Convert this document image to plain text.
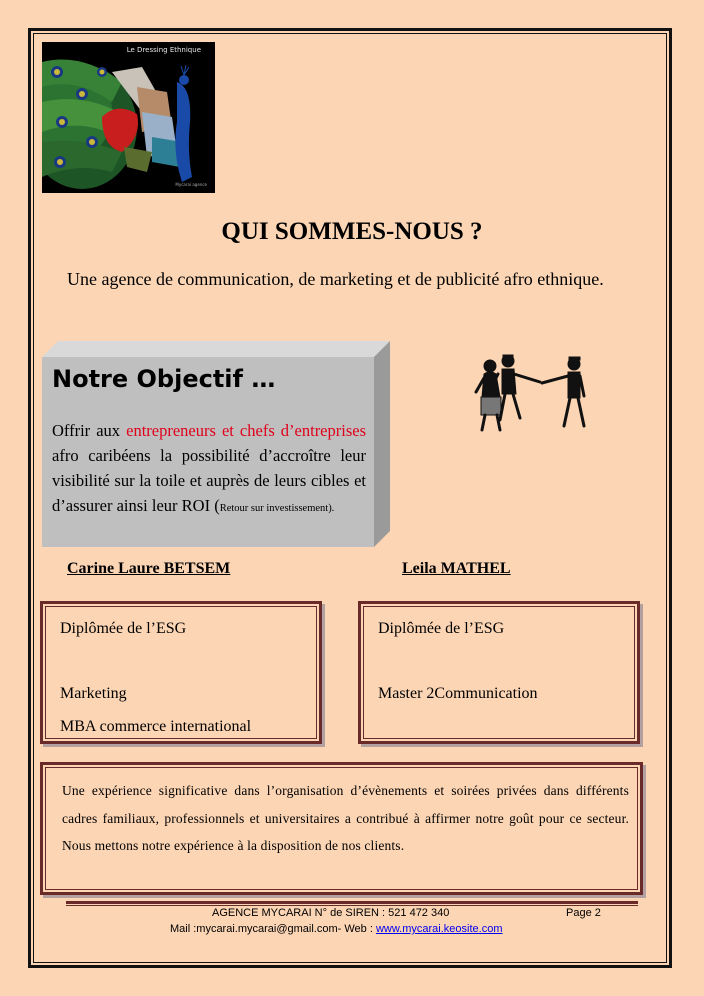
Le Dressing Ethnique
Mycarai agence
QUI SOMMES-NOUS ?
Une agence de communication, de marketing et de publicité afro ethnique.
Notre Objectif …
Offrir aux entrepreneurs et chefs d’entreprises afro caribéens la possibilité d’accroître leur visibilité sur la toile et auprès de leurs cibles et d’assurer ainsi leur ROI (Retour sur investissement).
Carine Laure BETSEM	Leila MATHEL
Diplômée de l’ESG
Marketing
MBA commerce international
Diplômée de l’ESG
Master 2Communication
Une expérience significative dans l’organisation d’évènements et soirées privées dans différents cadres familiaux, professionnels et universitaires a contribué à affirmer notre goût pour ce secteur. Nous mettons notre expérience à la disposition de nos clients.
AGENCE MYCARAI N° de SIREN : 521 472 340	Page 2
Mail :mycarai.mycarai@gmail.com- Web : www.mycarai.keosite.com
